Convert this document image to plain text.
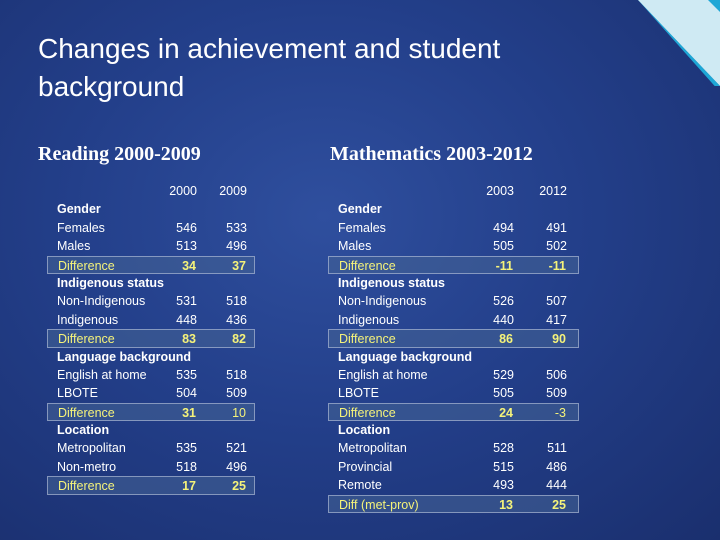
Changes in achievement and student background
Reading 2000-2009	Mathematics 2003-2012
2000	2009
Gender
Females	546	533
Males	513	496
Difference	34	37
Indigenous status
Non-Indigenous	531	518
Indigenous	448	436
Difference	83	82
Language background
English at home	535	518
LBOTE	504	509
Difference	31	10
Location
Metropolitan	535	521
Non-metro	518	496
Difference	17	25
2003	2012
Gender
Females	494	491
Males	505	502
Difference	-11	-11
Indigenous status
Non-Indigenous	526	507
Indigenous	440	417
Difference	86	90
Language background
English at home	529	506
LBOTE	505	509
Difference	24	-3
Location
Metropolitan	528	511
Provincial	515	486
Remote	493	444
Diff (met-prov)	13	25
